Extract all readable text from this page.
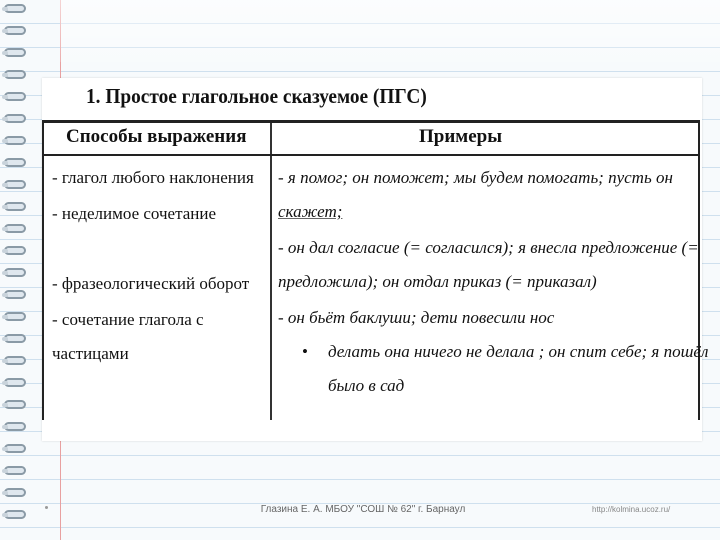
1. Простое глагольное сказуемое (ПГС)
Способы выражения	Примеры
- глагол любого наклонения
- неделимое сочетание
- фразеологический оборот
- сочетание глагола с
частицами
- я помог; он поможет; мы будем помогать; пусть он
скажет;
- он дал согласие (= согласился); я внесла предложение (=
предложила); он отдал приказ (= приказал)
- он бьёт баклуши; дети повесили нос
• делать она ничего не делала ; он спит себе; я пошёл
было в сад
Глазина Е. А. МБОУ "СОШ № 62" г. Барнаул	http://kolmina.ucoz.ru/
